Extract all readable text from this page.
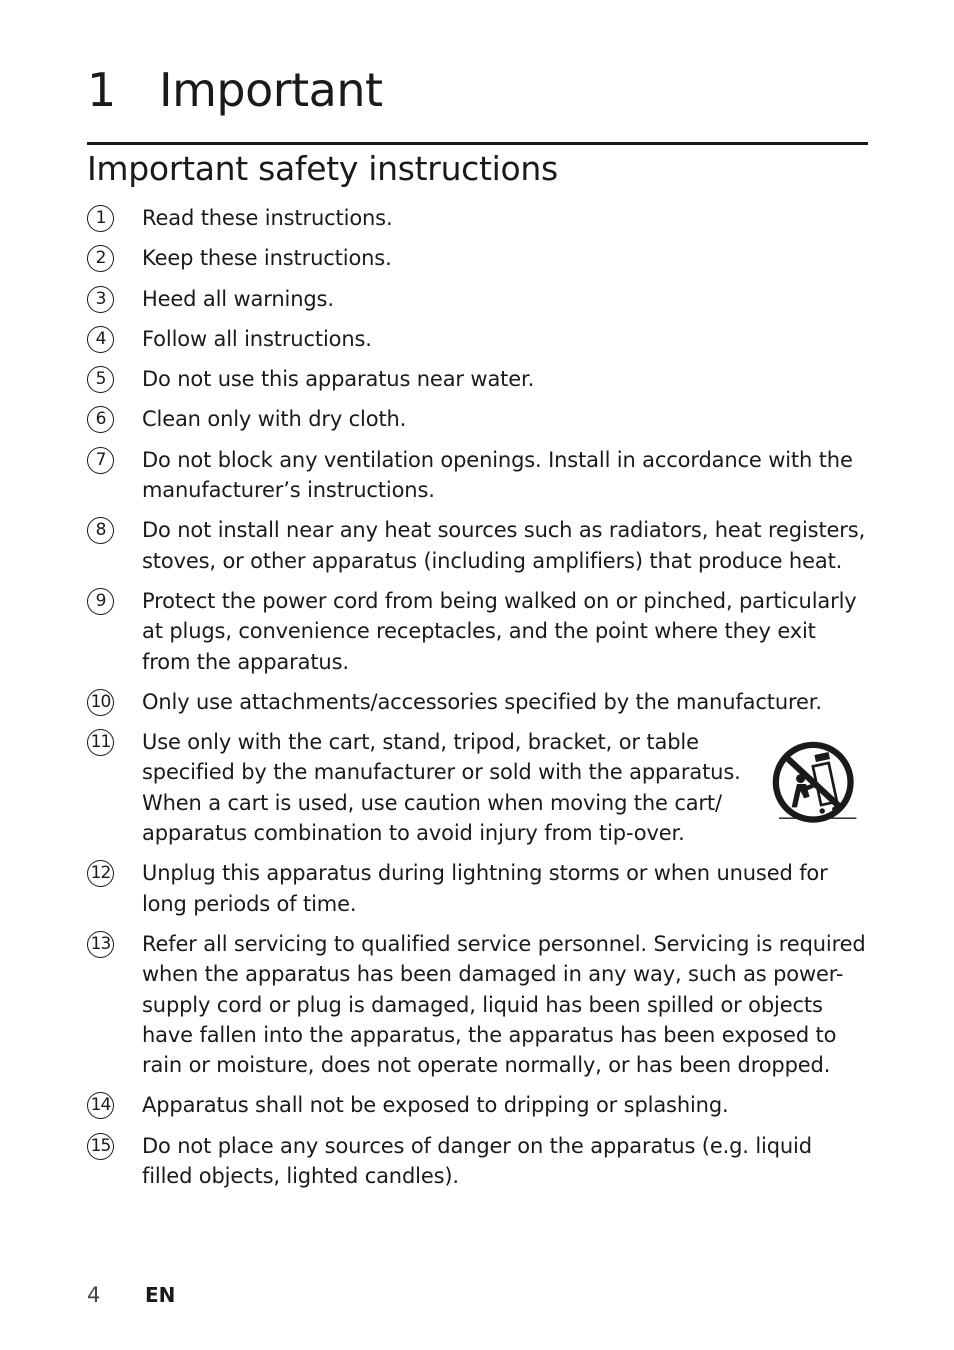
1 Important
Important safety instructions
1	Read these instructions.
2	Keep these instructions.
3	Heed all warnings.
4	Follow all instructions.
5	Do not use this apparatus near water.
6	Clean only with dry cloth.
7	Do not block any ventilation openings. Install in accordance with the manufacturer’s instructions.
8	Do not install near any heat sources such as radiators, heat registers, stoves, or other apparatus (including amplifiers) that produce heat.
9	Protect the power cord from being walked on or pinched, particularly at plugs, convenience receptacles, and the point where they exit from the apparatus.
10 Only use attachments/accessories specified by the manufacturer.
11 Use only with the cart, stand, tripod, bracket, or table specified by the manufacturer or sold with the apparatus. When a cart is used, use caution when moving the cart/ apparatus combination to avoid injury from tip-over.
12 Unplug this apparatus during lightning storms or when unused for long periods of time.
13 Refer all servicing to qualified service personnel. Servicing is required when the apparatus has been damaged in any way, such as power-supply cord or plug is damaged, liquid has been spilled or objects have fallen into the apparatus, the apparatus has been exposed to rain or moisture, does not operate normally, or has been dropped.
14 Apparatus shall not be exposed to dripping or splashing.
15 Do not place any sources of danger on the apparatus (e.g. liquid filled objects, lighted candles).
4 EN
